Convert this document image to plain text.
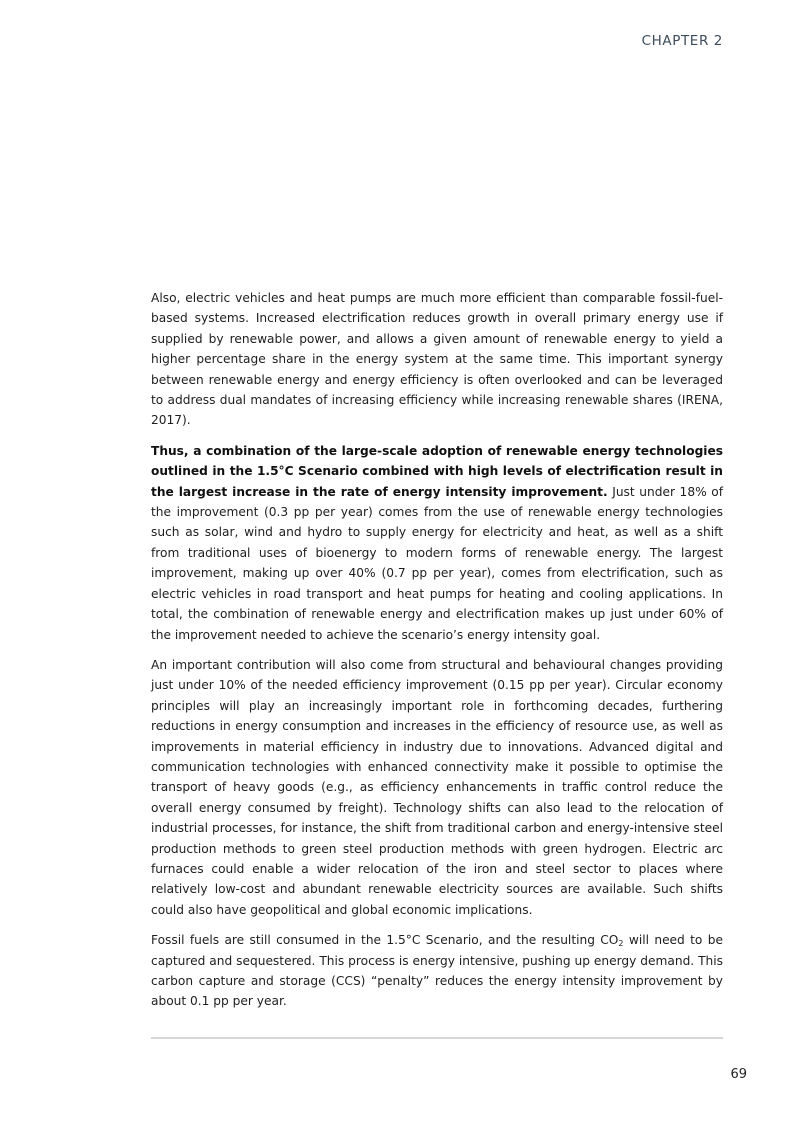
CHAPTER 2

Also, electric vehicles and heat pumps are much more efficient than comparable fossil-fuel-based systems. Increased electrification reduces growth in overall primary energy use if supplied by renewable power, and allows a given amount of renewable energy to yield a higher percentage share in the energy system at the same time. This important synergy between renewable energy and energy efficiency is often overlooked and can be leveraged to address dual mandates of increasing efficiency while increasing renewable shares (IRENA, 2017).

Thus, a combination of the large-scale adoption of renewable energy technologies outlined in the 1.5°C Scenario combined with high levels of electrification result in the largest increase in the rate of energy intensity improvement. Just under 18% of the improvement (0.3 pp per year) comes from the use of renewable energy technologies such as solar, wind and hydro to supply energy for electricity and heat, as well as a shift from traditional uses of bioenergy to modern forms of renewable energy. The largest improvement, making up over 40% (0.7 pp per year), comes from electrification, such as electric vehicles in road transport and heat pumps for heating and cooling applications. In total, the combination of renewable energy and electrification makes up just under 60% of the improvement needed to achieve the scenario’s energy intensity goal.

An important contribution will also come from structural and behavioural changes providing just under 10% of the needed efficiency improvement (0.15 pp per year). Circular economy principles will play an increasingly important role in forthcoming decades, furthering reductions in energy consumption and increases in the efficiency of resource use, as well as improvements in material efficiency in industry due to innovations. Advanced digital and communication technologies with enhanced connectivity make it possible to optimise the transport of heavy goods (e.g., as efficiency enhancements in traffic control reduce the overall energy consumed by freight). Technology shifts can also lead to the relocation of industrial processes, for instance, the shift from traditional carbon and energy-intensive steel production methods to green steel production methods with green hydrogen. Electric arc furnaces could enable a wider relocation of the iron and steel sector to places where relatively low-cost and abundant renewable electricity sources are available. Such shifts could also have geopolitical and global economic implications.

Fossil fuels are still consumed in the 1.5°C Scenario, and the resulting $CO_2$ will need to be captured and sequestered. This process is energy intensive, pushing up energy demand. This carbon capture and storage (CCS) “penalty” reduces the energy intensity improvement by about 0.1 pp per year.

69
